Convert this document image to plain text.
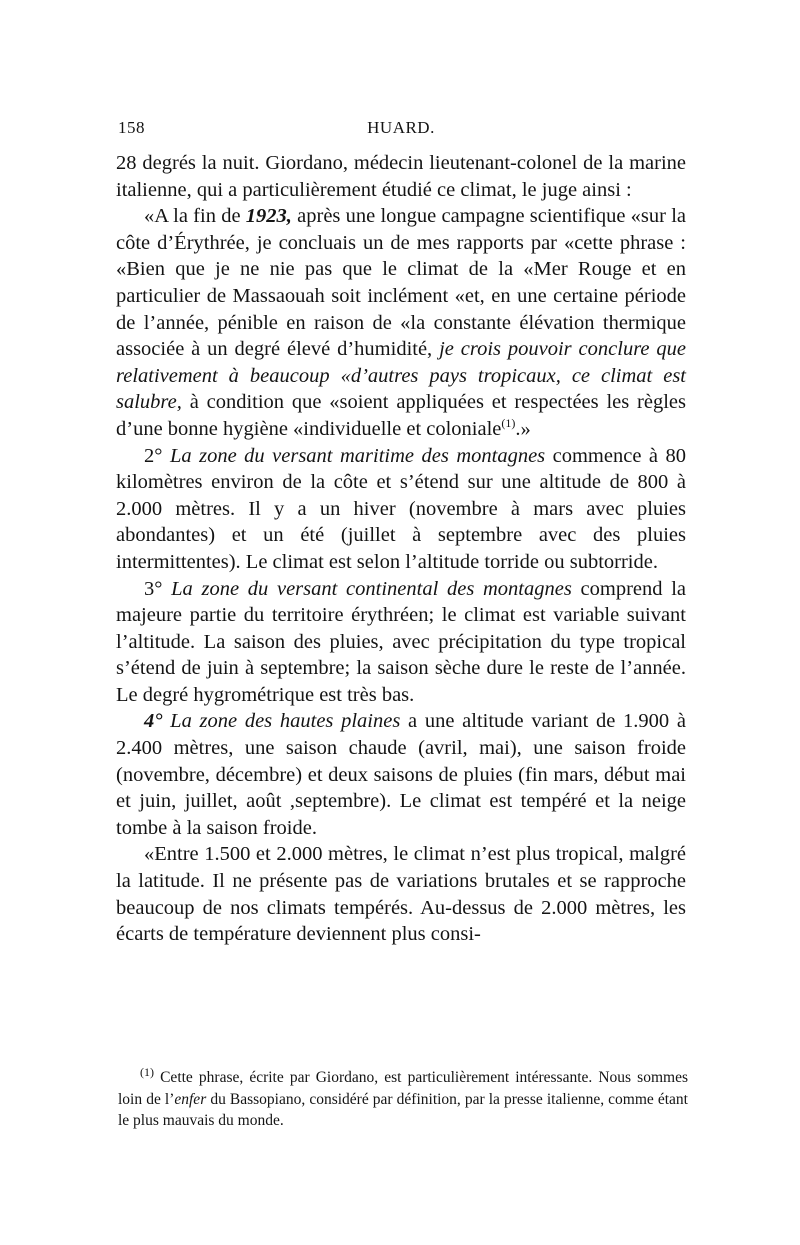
158	HUARD.

28 degrés la nuit. Giordano, médecin lieutenant-colonel de la marine italienne, qui a particulièrement étudié ce climat, le juge ainsi :

«A la fin de 1923, après une longue campagne scientifique «sur la côte d’Érythrée, je concluais un de mes rapports par «cette phrase : «Bien que je ne nie pas que le climat de la «Mer Rouge et en particulier de Massaouah soit inclément «et, en une certaine période de l’année, pénible en raison de «la constante élévation thermique associée à un degré élevé d’humidité, je crois pouvoir conclure que relativement à beaucoup «d’autres pays tropicaux, ce climat est salubre, à condition que «soient appliquées et respectées les règles d’une bonne hygiène «individuelle et coloniale$^{(1)}$.»

2° La zone du versant maritime des montagnes commence à 80 kilomètres environ de la côte et s’étend sur une altitude de 800 à 2.000 mètres. Il y a un hiver (novembre à mars avec pluies abondantes) et un été (juillet à septembre avec des pluies intermittentes). Le climat est selon l’altitude torride ou subtorride.

3° La zone du versant continental des montagnes comprend la majeure partie du territoire érythréen; le climat est variable suivant l’altitude. La saison des pluies, avec précipitation du type tropical s’étend de juin à septembre; la saison sèche dure le reste de l’année. Le degré hygrométrique est très bas.

4° La zone des hautes plaines a une altitude variant de 1.900 à 2.400 mètres, une saison chaude (avril, mai), une saison froide (novembre, décembre) et deux saisons de pluies (fin mars, début mai et juin, juillet, août ,septembre). Le climat est tempéré et la neige tombe à la saison froide.

«Entre 1.500 et 2.000 mètres, le climat n’est plus tropical, malgré la latitude. Il ne présente pas de variations brutales et se rapproche beaucoup de nos climats tempérés. Au-dessus de 2.000 mètres, les écarts de température deviennent plus consi-

$^{(1)}$ Cette phrase, écrite par Giordano, est particulièrement intéressante. Nous sommes loin de l’enfer du Bassopiano, considéré par définition, par la presse italienne, comme étant le plus mauvais du monde.
